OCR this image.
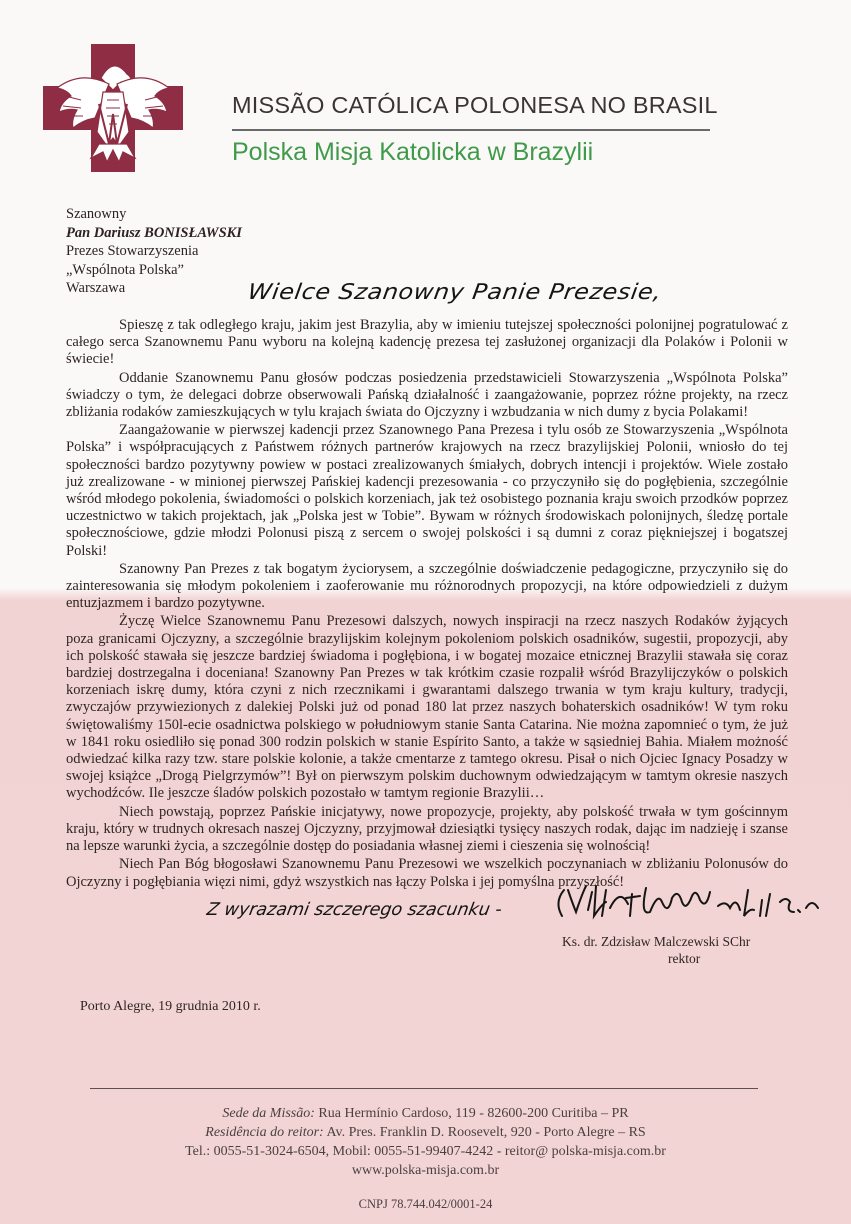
MISSÃO CATÓLICA POLONESA NO BRASIL
Polska Misja Katolicka w Brazylii
Szanowny
Pan Dariusz BONISŁAWSKI
Prezes Stowarzyszenia
„Wspólnota Polska”
Warszawa	Wielce Szanowny Panie Prezesie,

Spieszę z tak odległego kraju, jakim jest Brazylia, aby w imieniu tutejszej społeczności polonijnej pogratulować z całego serca Szanownemu Panu wyboru na kolejną kadencję prezesa tej zasłużonej organizacji dla Polaków i Polonii w świecie!

Oddanie Szanownemu Panu głosów podczas posiedzenia przedstawicieli Stowarzyszenia „Wspólnota Polska” świadczy o tym, że delegaci dobrze obserwowali Pańską działalność i zaangażowanie, poprzez różne projekty, na rzecz zbliżania rodaków zamieszkujących w tylu krajach świata do Ojczyzny i wzbudzania w nich dumy z bycia Polakami!

Zaangażowanie w pierwszej kadencji przez Szanownego Pana Prezesa i tylu osób ze Stowarzyszenia „Wspólnota Polska” i współpracujących z Państwem różnych partnerów krajowych na rzecz brazylijskiej Polonii, wniosło do tej społeczności bardzo pozytywny powiew w postaci zrealizowanych śmiałych, dobrych intencji i projektów. Wiele zostało już zrealizowane - w minionej pierwszej Pańskiej kadencji prezesowania - co przyczyniło się do pogłębienia, szczególnie wśród młodego pokolenia, świadomości o polskich korzeniach, jak też osobistego poznania kraju swoich przodków poprzez uczestnictwo w takich projektach, jak „Polska jest w Tobie”. Bywam w różnych środowiskach polonijnych, śledzę portale społecznościowe, gdzie młodzi Polonusi piszą z sercem o swojej polskości i są dumni z coraz piękniejszej i bogatszej Polski!

Szanowny Pan Prezes z tak bogatym życiorysem, a szczególnie doświadczenie pedagogiczne, przyczyniło się do zainteresowania się młodym pokoleniem i zaoferowanie mu różnorodnych propozycji, na które odpowiedzieli z dużym entuzjazmem i bardzo pozytywne.

Życzę Wielce Szanownemu Panu Prezesowi dalszych, nowych inspiracji na rzecz naszych Rodaków żyjących poza granicami Ojczyzny, a szczególnie brazylijskim kolejnym pokoleniom polskich osadników, sugestii, propozycji, aby ich polskość stawała się jeszcze bardziej świadoma i pogłębiona, i w bogatej mozaice etnicznej Brazylii stawała się coraz bardziej dostrzegalna i doceniana! Szanowny Pan Prezes w tak krótkim czasie rozpalił wśród Brazylijczyków o polskich korzeniach iskrę dumy, która czyni z nich rzecznikami i gwarantami dalszego trwania w tym kraju kultury, tradycji, zwyczajów przywiezionych z dalekiej Polski już od ponad 180 lat przez naszych bohaterskich osadników! W tym roku świętowaliśmy 150l-ecie osadnictwa polskiego w południowym stanie Santa Catarina. Nie można zapomnieć o tym, że już w 1841 roku osiedliło się ponad 300 rodzin polskich w stanie Espírito Santo, a także w sąsiedniej Bahia. Miałem możność odwiedzać kilka razy tzw. stare polskie kolonie, a także cmentarze z tamtego okresu. Pisał o nich Ojciec Ignacy Posadzy w swojej książce „Drogą Pielgrzymów”! Był on pierwszym polskim duchownym odwiedzającym w tamtym okresie naszych wychodźców. Ile jeszcze śladów polskich pozostało w tamtym regionie Brazylii…

Niech powstają, poprzez Pańskie inicjatywy, nowe propozycje, projekty, aby polskość trwała w tym gościnnym kraju, który w trudnych okresach naszej Ojczyzny, przyjmował dziesiątki tysięcy naszych rodak, dając im nadzieję i szanse na lepsze warunki życia, a szczególnie dostęp do posiadania własnej ziemi i cieszenia się wolnością!

Niech Pan Bóg błogosławi Szanownemu Panu Prezesowi we wszelkich poczynaniach w zbliżaniu Polonusów do Ojczyzny i pogłębiania więzi nimi, gdyż wszystkich nas łączy Polska i jej pomyślna przyszłość!

Z wyrazami szczerego szacunku -
Ks. dr. Zdzisław Malczewski SChr
rektor
Porto Alegre, 19 grudnia 2010 r.
Sede da Missão: Rua Hermínio Cardoso, 119 - 82600-200 Curitiba – PR
Residência do reitor: Av. Pres. Franklin D. Roosevelt, 920 - Porto Alegre – RS
Tel.: 0055-51-3024-6504, Mobil: 0055-51-99407-4242 - reitor@ polska-misja.com.br
www.polska-misja.com.br
CNPJ 78.744.042/0001-24
